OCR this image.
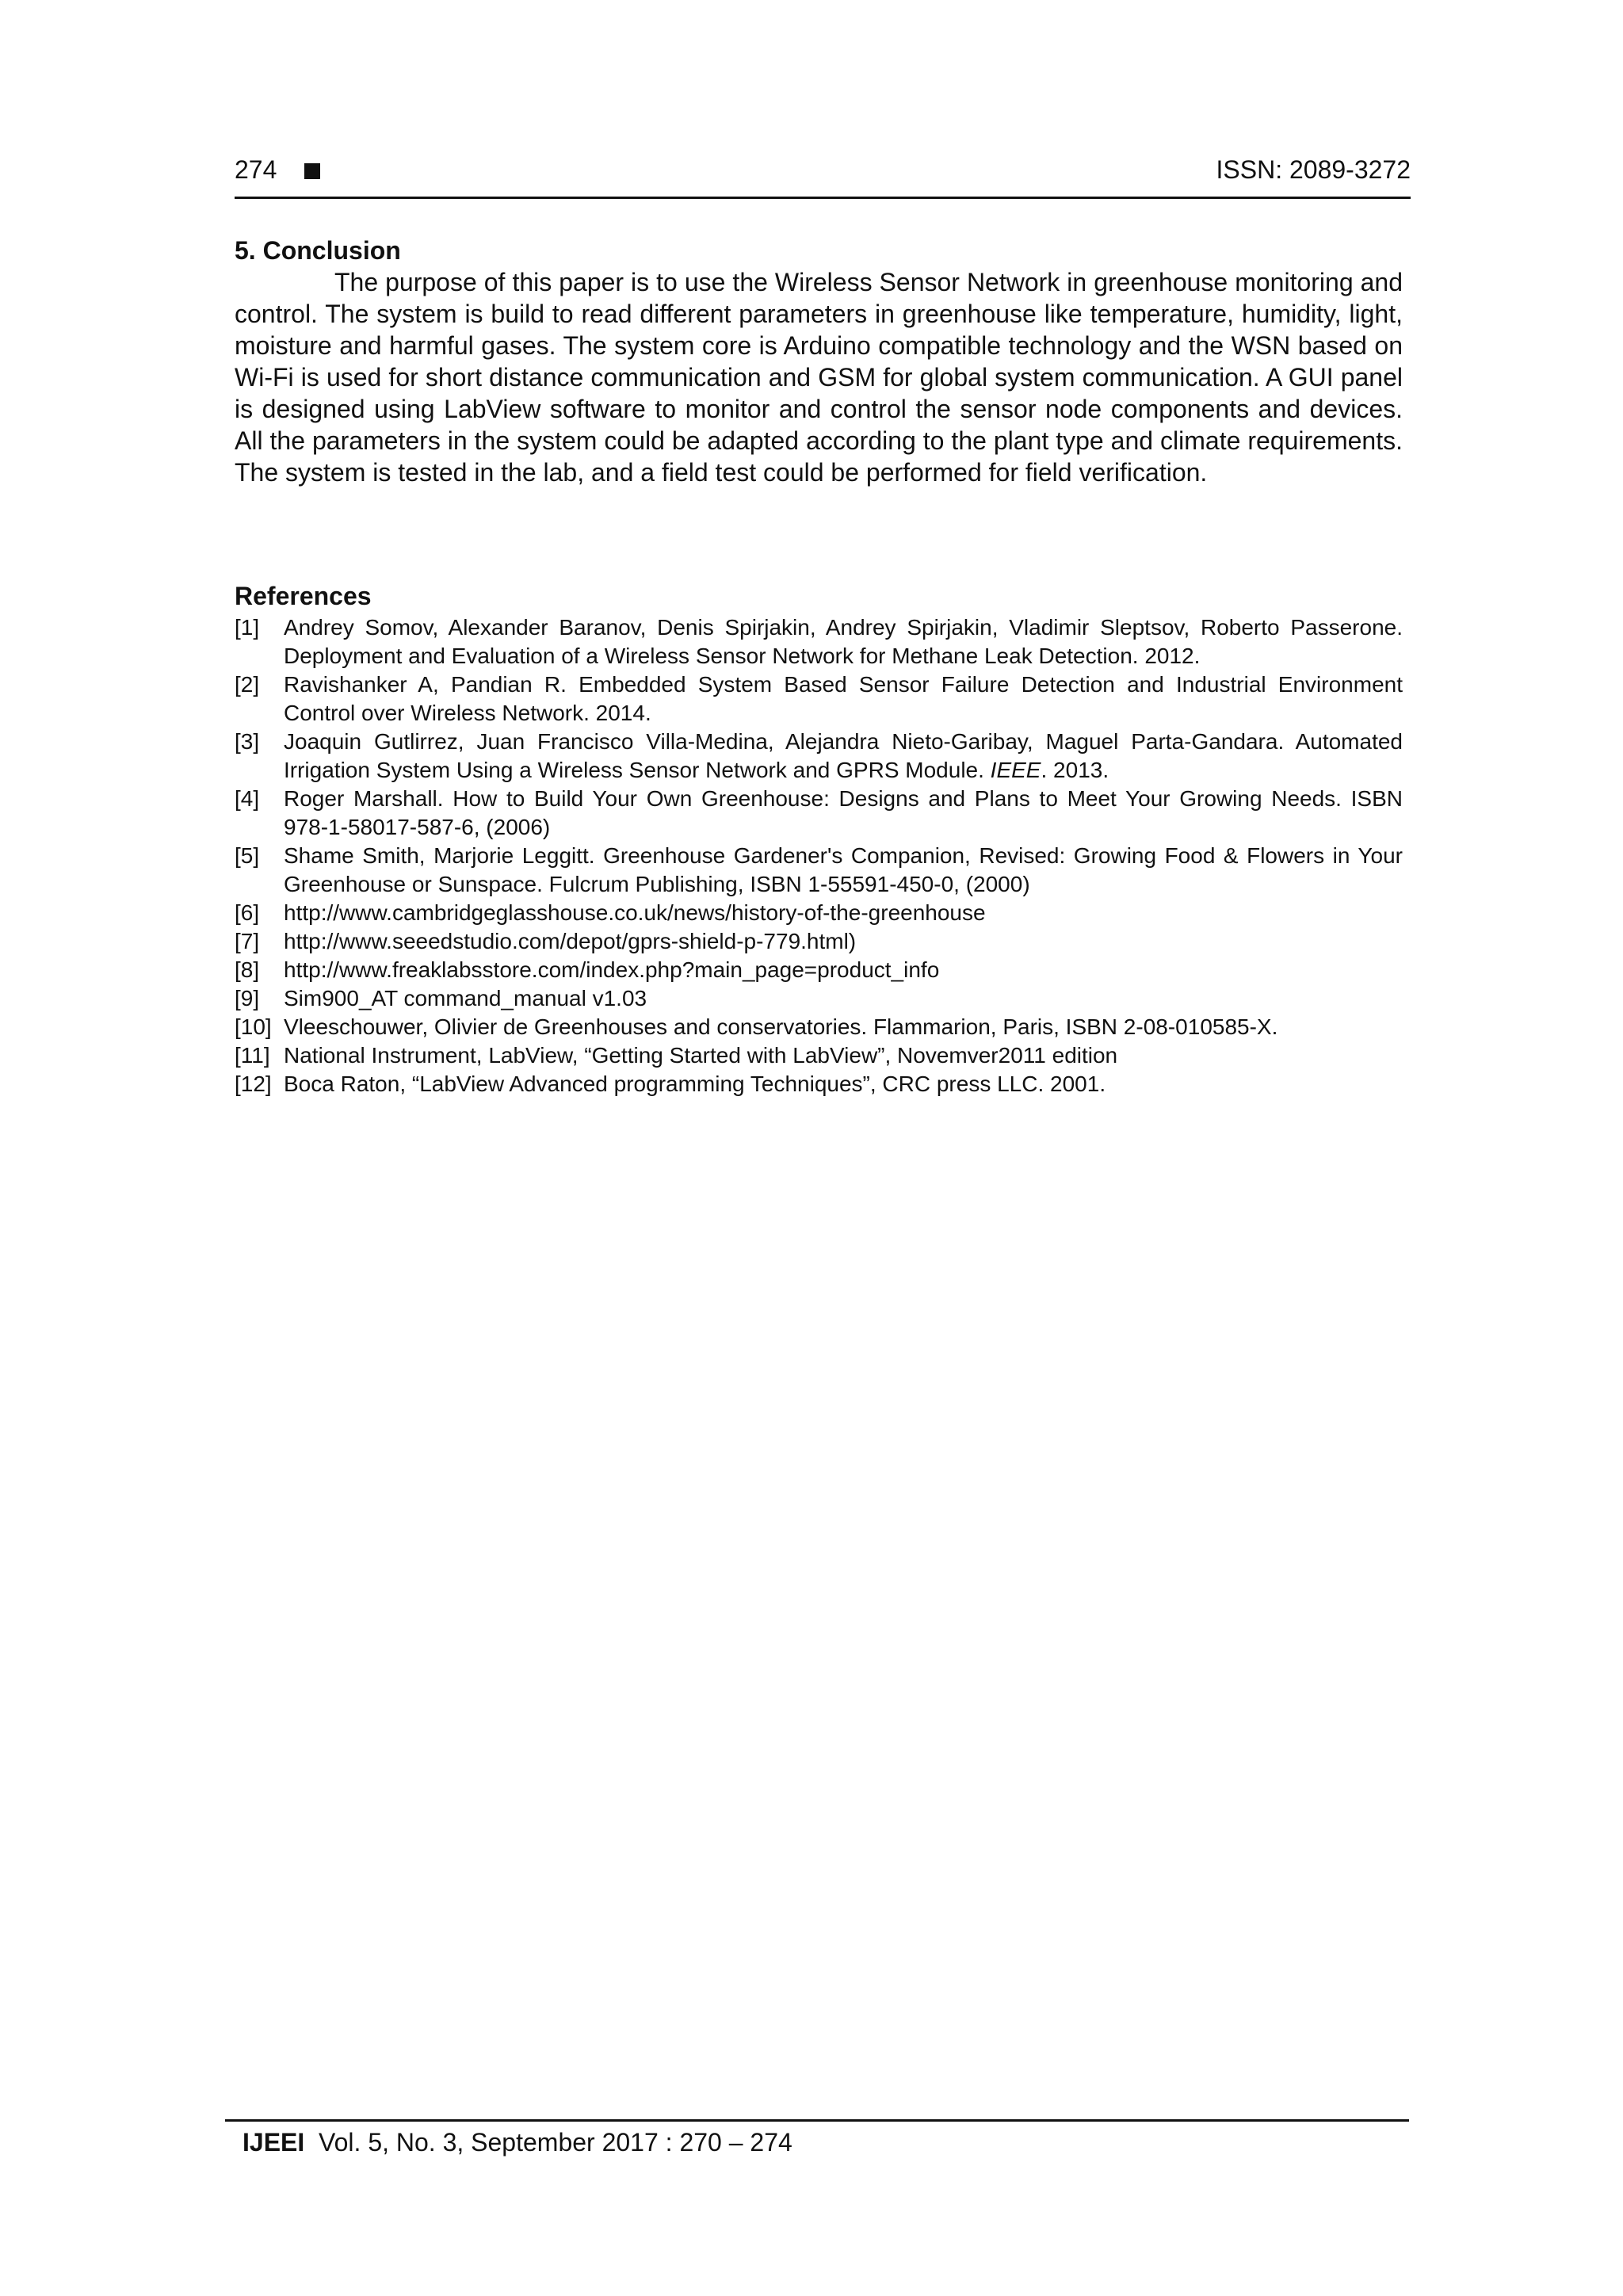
274	ISSN: 2089-3272
5. Conclusion

The purpose of this paper is to use the Wireless Sensor Network in greenhouse monitoring and control. The system is build to read different parameters in greenhouse like temperature, humidity, light, moisture and harmful gases. The system core is Arduino compatible technology and the WSN based on Wi-Fi is used for short distance communication and GSM for global system communication. A GUI panel is designed using LabView software to monitor and control the sensor node components and devices. All the parameters in the system could be adapted according to the plant type and climate requirements. The system is tested in the lab, and a field test could be performed for field verification.

References
[1]	Andrey Somov, Alexander Baranov, Denis Spirjakin, Andrey Spirjakin, Vladimir Sleptsov, Roberto Passerone. Deployment and Evaluation of a Wireless Sensor Network for Methane Leak Detection. 2012.
[2]	Ravishanker A, Pandian R. Embedded System Based Sensor Failure Detection and Industrial Environment Control over Wireless Network. 2014.
[3]	Joaquin Gutlirrez, Juan Francisco Villa-Medina, Alejandra Nieto-Garibay, Maguel Parta-Gandara. Automated Irrigation System Using a Wireless Sensor Network and GPRS Module. IEEE. 2013.
[4]	Roger Marshall. How to Build Your Own Greenhouse: Designs and Plans to Meet Your Growing Needs. ISBN 978-1-58017-587-6, (2006)
[5]	Shame Smith, Marjorie Leggitt. Greenhouse Gardener's Companion, Revised: Growing Food & Flowers in Your Greenhouse or Sunspace. Fulcrum Publishing, ISBN 1-55591-450-0, (2000)
[6]	http://www.cambridgeglasshouse.co.uk/news/history-of-the-greenhouse
[7]	http://www.seeedstudio.com/depot/gprs-shield-p-779.html)
[8]	http://www.freaklabsstore.com/index.php?main_page=product_info
[9]	Sim900_AT command_manual v1.03
[10] Vleeschouwer, Olivier de Greenhouses and conservatories. Flammarion, Paris, ISBN 2-08-010585-X.
[11] National Instrument, LabView, “Getting Started with LabView”, Novemver2011 edition
[12] Boca Raton, “LabView Advanced programming Techniques”, CRC press LLC. 2001.
IJEEI Vol. 5, No. 3, September 2017 : 270 – 274
